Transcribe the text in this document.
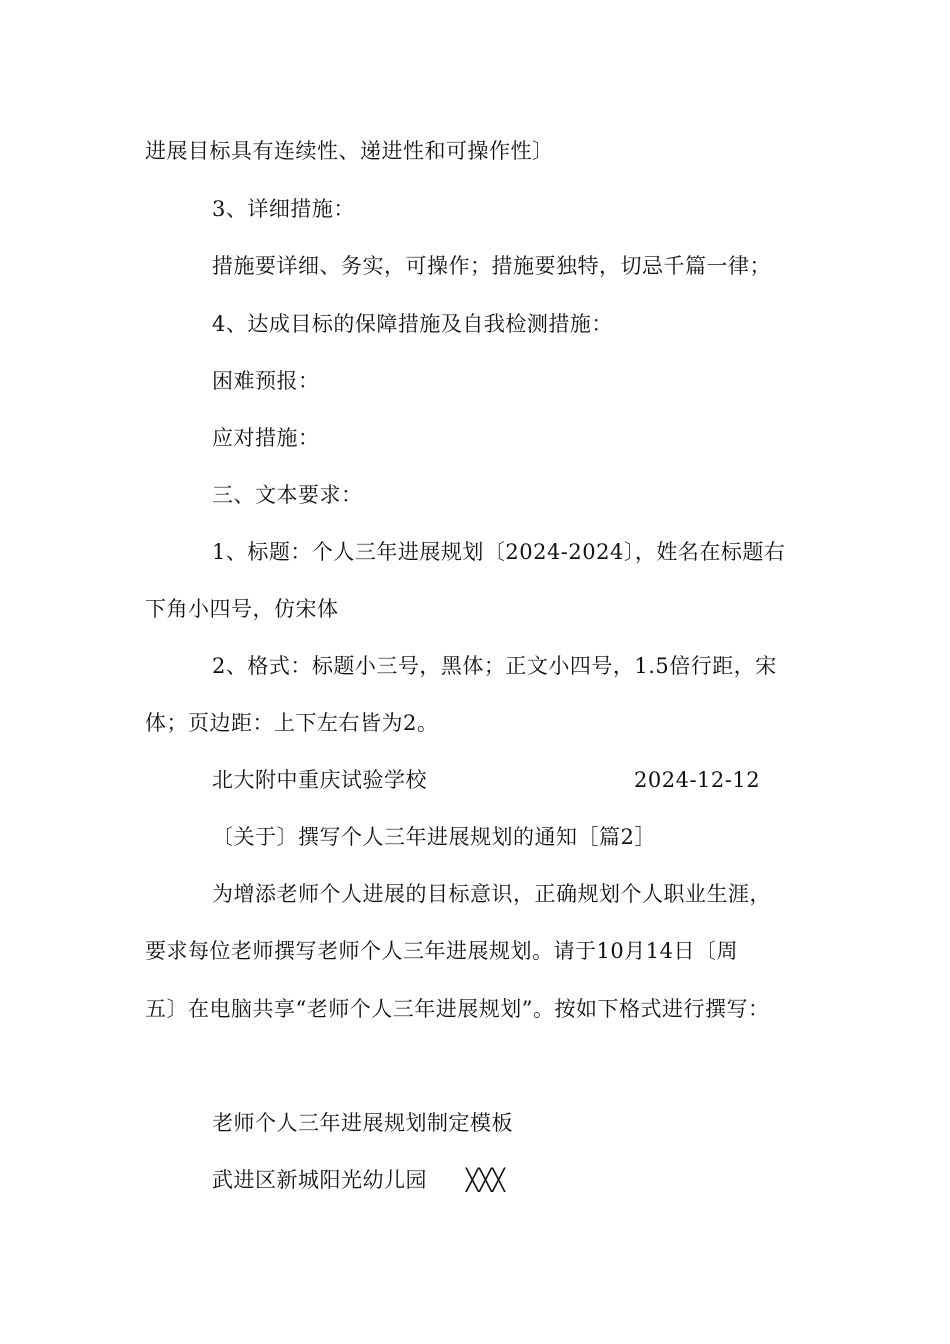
进展目标具有连续性、递进性和可操作性〕
3、详细措施：
措施要详细、务实，可操作；措施要独特，切忌千篇一律；
4、达成目标的保障措施及自我检测措施：
困难预报：
应对措施：
三、文本要求：
1、标题：个人三年进展规划〔2024-2024〕，姓名在标题右
下角小四号，仿宋体
2、格式：标题小三号，黑体；正文小四号，1.5倍行距，宋
体；页边距：上下左右皆为2。
北大附中重庆试验学校	2024-12-12
〔关于〕撰写个人三年进展规划的通知［篇2］
为增添老师个人进展的目标意识，正确规划个人职业生涯，
要求每位老师撰写老师个人三年进展规划。请于10月14日〔周
五〕在电脑共享“老师个人三年进展规划”。按如下格式进行撰写：
老师个人三年进展规划制定模板
武进区新城阳光幼儿园 ╳╳╳
